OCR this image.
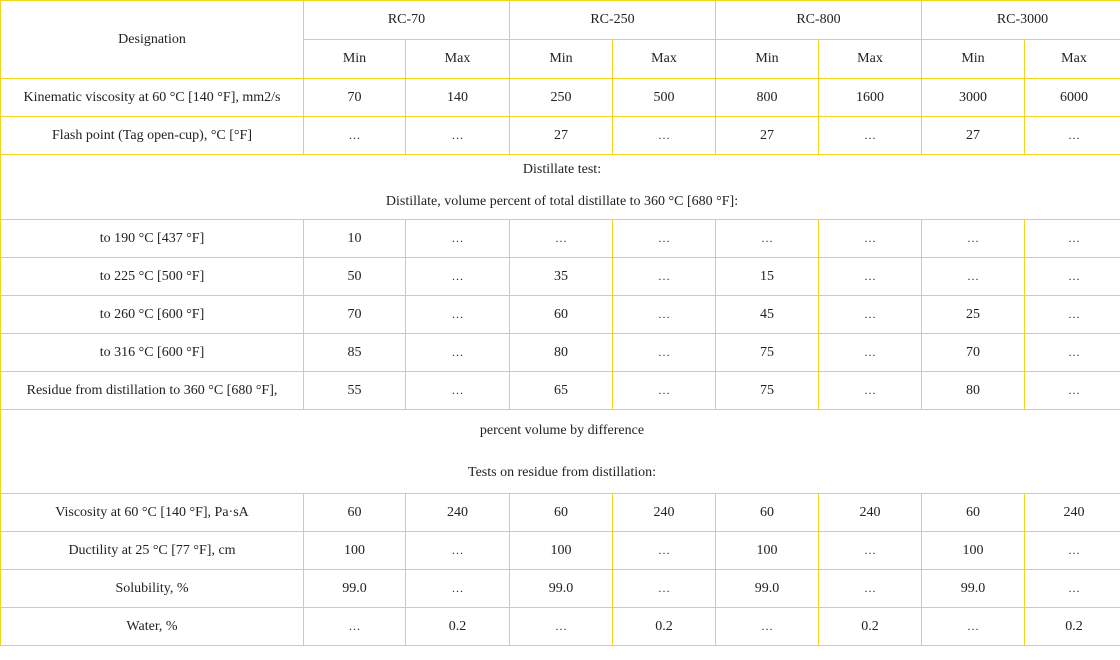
Designation	RC-70		RC-250		RC-800		RC-3000	
	Min	Max	Min	Max	Min	Max	Min	Max
Kinematic viscosity at 60 °C [140 °F], mm2/s	70	140	250	500	800	1600	3000	6000
Flash point (Tag open-cup), °C [°F]	…	…	27	…	27	…	27	…
Distillate test:								
Distillate, volume percent of total distillate to 360 °C [680 °F]:								
to 190 °C [437 °F]	10	…	…	…	…	…	…	…
to 225 °C [500 °F]	50	…	35	…	15	…	…	…
to 260 °C [600 °F]	70	…	60	…	45	…	25	…
to 316 °C [600 °F]	85	…	80	…	75	…	70	…
Residue from distillation to 360 °C [680 °F],	55	…	65	…	75	…	80	…
percent volume by difference								
Tests on residue from distillation:								
Viscosity at 60 °C [140 °F], Pa·sA	60	240	60	240	60	240	60	240
Ductility at 25 °C [77 °F], cm	100	…	100	…	100	…	100	…
Solubility, %	99.0	…	99.0	…	99.0	…	99.0	…
Water, %	…	0.2	…	0.2	…	0.2	…	0.2
